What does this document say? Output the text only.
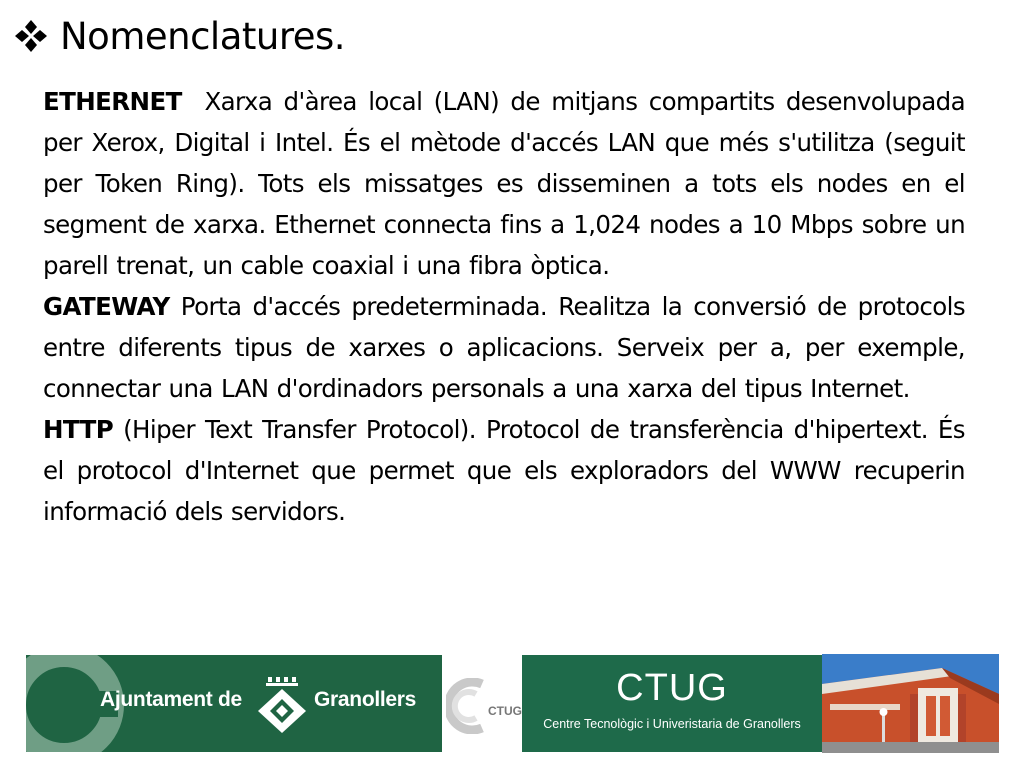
Nomenclatures.

ETHERNET Xarxa d'àrea local (LAN) de mitjans compartits desenvolupada per Xerox, Digital i Intel. És el mètode d'accés LAN que més s'utilitza (seguit per Token Ring). Tots els missatges es disseminen a tots els nodes en el segment de xarxa. Ethernet connecta fins a 1,024 nodes a 10 Mbps sobre un parell trenat, un cable coaxial i una fibra òptica.

GATEWAY Porta d'accés predeterminada. Realitza la conversió de protocols entre diferents tipus de xarxes o aplicacions. Serveix per a, per exemple, connectar una LAN d'ordinadors personals a una xarxa del tipus Internet.

HTTP (Hiper Text Transfer Protocol). Protocol de transferència d'hipertext. És el protocol d'Internet que permet que els exploradors del WWW recuperin informació dels servidors.

Ajuntament de	Granollers	CTUG
CTUG
Centre Tecnològic i Univeristaria de Granollers
